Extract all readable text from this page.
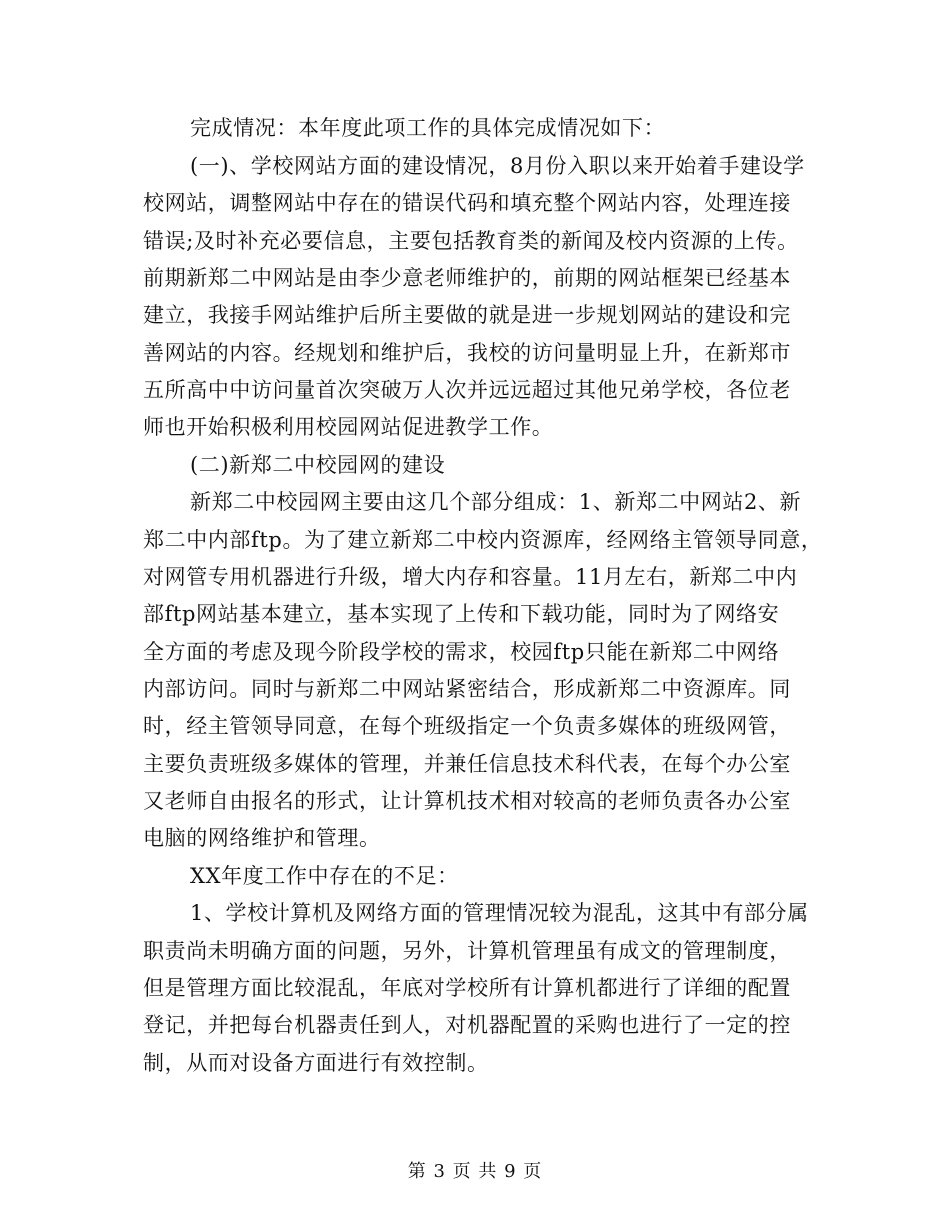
完成情况：本年度此项工作的具体完成情况如下：
(一)、学校网站方面的建设情况，8月份入职以来开始着手建设学
校网站，调整网站中存在的错误代码和填充整个网站内容，处理连接
错误;及时补充必要信息，主要包括教育类的新闻及校内资源的上传。
前期新郑二中网站是由李少意老师维护的，前期的网站框架已经基本
建立，我接手网站维护后所主要做的就是进一步规划网站的建设和完
善网站的内容。经规划和维护后，我校的访问量明显上升，在新郑市
五所高中中访问量首次突破万人次并远远超过其他兄弟学校，各位老
师也开始积极利用校园网站促进教学工作。
(二)新郑二中校园网的建设
新郑二中校园网主要由这几个部分组成：1、新郑二中网站2、新
郑二中内部ftp。为了建立新郑二中校内资源库，经网络主管领导同意，
对网管专用机器进行升级，增大内存和容量。11月左右，新郑二中内
部ftp网站基本建立，基本实现了上传和下载功能，同时为了网络安
全方面的考虑及现今阶段学校的需求，校园ftp只能在新郑二中网络
内部访问。同时与新郑二中网站紧密结合，形成新郑二中资源库。同
时，经主管领导同意，在每个班级指定一个负责多媒体的班级网管，
主要负责班级多媒体的管理，并兼任信息技术科代表，在每个办公室
又老师自由报名的形式，让计算机技术相对较高的老师负责各办公室
电脑的网络维护和管理。
XX年度工作中存在的不足：
1、学校计算机及网络方面的管理情况较为混乱，这其中有部分属
职责尚未明确方面的问题，另外，计算机管理虽有成文的管理制度，
但是管理方面比较混乱，年底对学校所有计算机都进行了详细的配置
登记，并把每台机器责任到人，对机器配置的采购也进行了一定的控
制，从而对设备方面进行有效控制。
第 3 页 共 9 页
